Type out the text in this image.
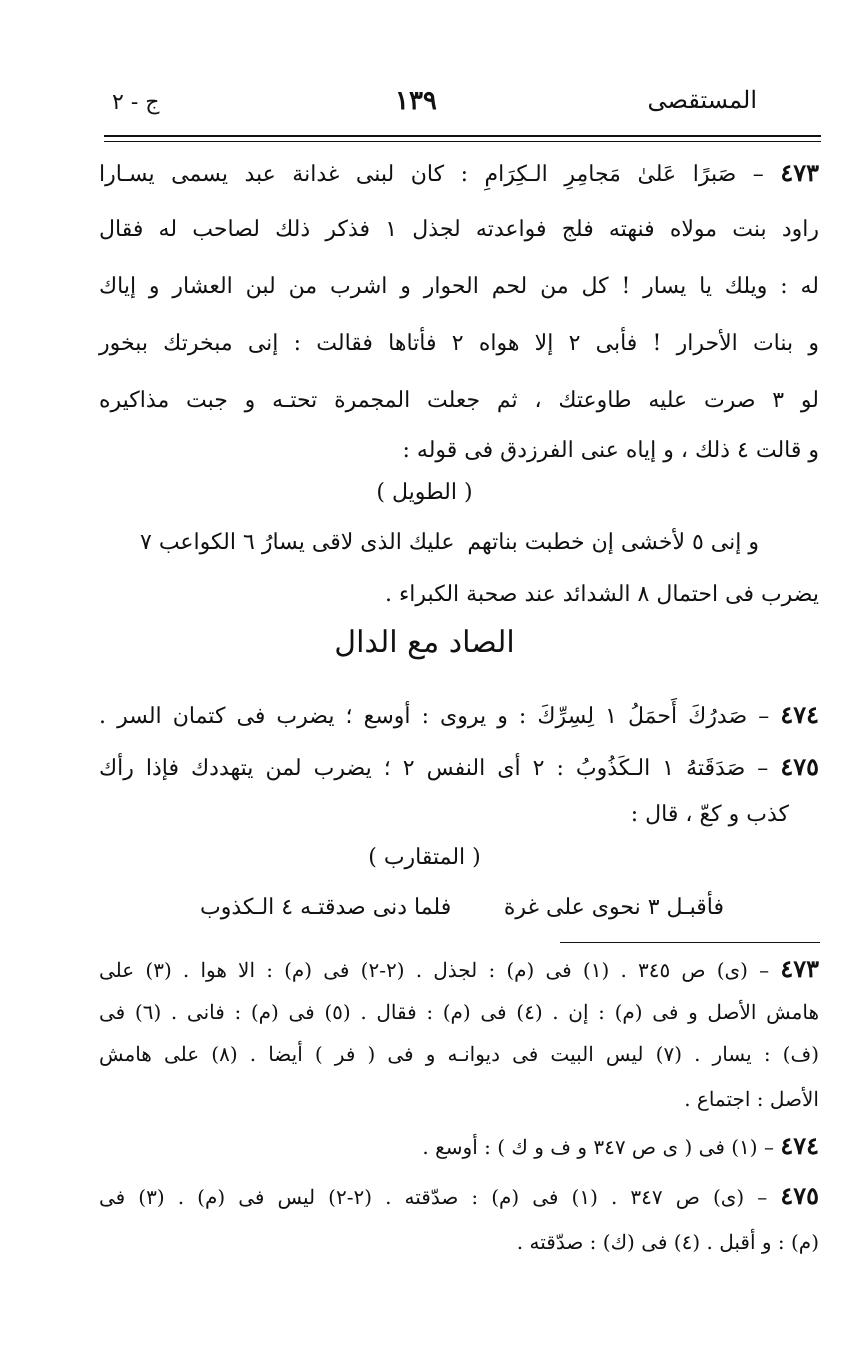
المستقصى
١٣٩
ج - ٢
٤٧٣ – صَبرًا عَلىٰ مَجامِرِ الـكِرَامِ : كان لبنى غدانة عبد يسمى يسـارا
راود بنت مولاه فنهته فلج فواعدته لجذل ۱ فذكر ذلك لصاحب له فقال
له : ويلك يا يسار ! كل من لحم الحوار و اشرب من لبن العشار و إياك
و بنات الأحرار ! فأبى ۲ إلا هواه ۲ فأتاها فقالت : إنى مبخرتك ببخور
لو ۳ صرت عليه طاوعتك ، ثم جعلت المجمرة تحتـه و جبت مذاكيره
و قالت ٤ ذلك ، و إياه عنى الفرزدق فى قوله :
( الطويل )
و إنى ٥ لأخشى إن خطبت بناتهم
عليك الذى لاقى يسارُ ٦ الكواعب ٧
يضرب فى احتمال ٨ الشدائد عند صحبة الكبراء .
الصاد مع الدال
٤٧٤ – صَدرُكَ أَحمَلُ ۱ لِسِرِّكَ : و يروى : أوسع ؛ يضرب فى كتمان السر .
٤٧٥ – صَدَقَتهُ ۱ الـكَذُوبُ : ۲ أى النفس ۲ ؛ يضرب لمن يتهددك فإذا رأك
كذب و كعّ ، قال :
( المتقارب )
فأقبـل ۳ نحوى على غرة
فلما دنى صدقتـه ٤ الـكذوب
٤٧٣ – (ى) ص ٣٤٥ . (١) فى (م) : لجذل . (٢-٢) فى (م) : الا هوا . (٣) على
هامش الأصل و فى (م) : إن . (٤) فى (م) : فقال . (٥) فى (م) : فانى . (٦) فى
(ف) : يسار . (٧) ليس البيت فى ديوانـه و فى ( فر ) أيضا . (٨) على هامش
الأصل : اجتماع .
٤٧٤ – (١) فى ( ى ص ٣٤٧ و ف و ك ) : أوسع .
٤٧٥ – (ى) ص ٣٤٧ . (١) فى (م) : صدّقته . (٢-٢) ليس فى (م) . (٣) فى
(م) : و أقبل . (٤) فى (ك) : صدّقته .
